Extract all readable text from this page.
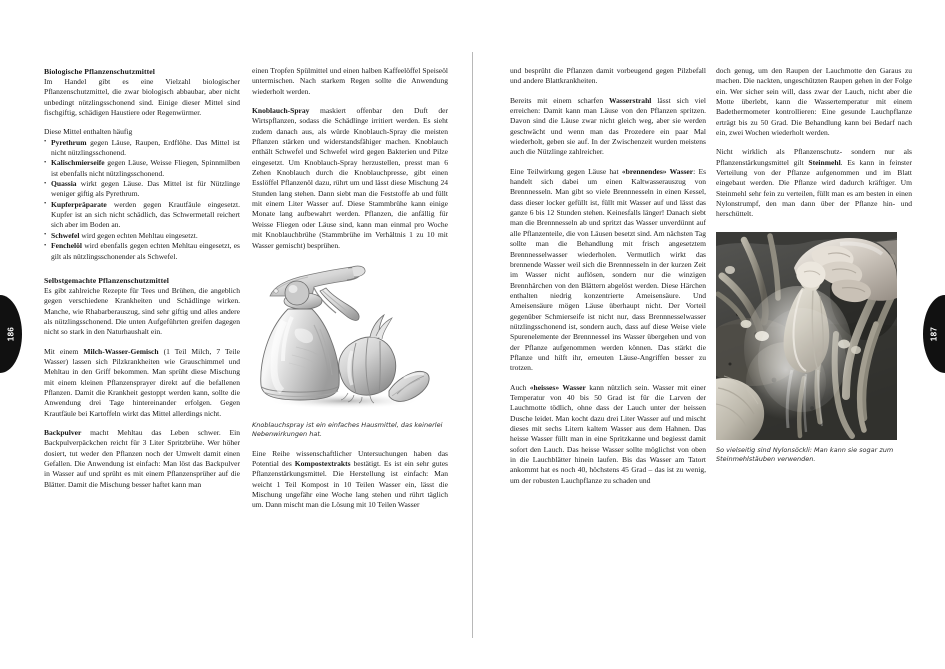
186	187
Biologische Pflanzenschutzmittel

Im Handel gibt es eine Vielzahl biologischer Pflanzenschutzmittel, die zwar biologisch abbaubar, aber nicht unbedingt nützlingsschonend sind. Einige dieser Mittel sind fischgiftig, schädigen Haustiere oder Regenwürmer.

Diese Mittel enthalten häufig

• Pyrethrum gegen Läuse, Raupen, Erdflöhe. Das Mittel ist nicht nützlingsschonend.
• Kalischmierseife gegen Läuse, Weisse Fliegen, Spinnmilben ist ebenfalls nicht nützlingsschonend.
• Quassia wirkt gegen Läuse. Das Mittel ist für Nützlinge weniger giftig als Pyrethrum.
• Kupferpräparate werden gegen Krautfäule eingesetzt. Kupfer ist an sich nicht schädlich, das Schwermetall reichert sich aber im Boden an.
• Schwefel wird gegen echten Mehltau eingesetzt.
• Fenchelöl wird ebenfalls gegen echten Mehltau eingesetzt, es gilt als nützlingsschonender als Schwefel.
Selbstgemachte Pflanzenschutzmittel

Es gibt zahlreiche Rezepte für Tees und Brühen, die angeblich gegen verschiedene Krankheiten und Schädlinge wirken. Manche, wie Rhabarberauszug, sind sehr giftig und alles andere als nützlingsschonend. Die unten Aufgeführten greifen dagegen nicht so stark in den Naturhaushalt ein.

Mit einem Milch-Wasser-Gemisch (1 Teil Milch, 7 Teile Wasser) lassen sich Pilzkrankheiten wie Grauschimmel und Mehltau in den Griff bekommen. Man sprüht diese Mischung mit einem kleinen Pflanzensprayer direkt auf die befallenen Pflanzen. Damit die Krankheit gestoppt werden kann, sollte die Anwendung drei Tage hintereinander erfolgen. Gegen Krautfäule bei Kartoffeln wirkt das Mittel allerdings nicht.

Backpulver macht Mehltau das Leben schwer. Ein Backpulverpäckchen reicht für 3 Liter Spritzbrühe. Wer höher dosiert, tut weder den Pflanzen noch der Umwelt damit einen Gefallen. Die Anwendung ist einfach: Man löst das Backpulver in Wasser auf und sprüht es mit einem Pflanzensprüher auf die Blätter. Damit die Mischung besser haftet kann man

einen Tropfen Spülmittel und einen halben Kaffeelöffel Speiseöl untermischen. Nach starkem Regen sollte die Anwendung wiederholt werden.

Knoblauch-Spray maskiert offenbar den Duft der Wirtspflanzen, sodass die Schädlinge irritiert werden. Es sieht zudem danach aus, als würde Knoblauch-Spray die meisten Pflanzen stärken und widerstandsfähiger machen. Knoblauch enthält Schwefel und Schwefel wird gegen Bakterien und Pilze eingesetzt. Um Knoblauch-Spray herzustellen, presst man 6 Zehen Knoblauch durch die Knoblauchpresse, gibt einen Esslöffel Pflanzenöl dazu, rührt um und lässt diese Mischung 24 Stunden lang stehen. Dann siebt man die Feststoffe ab und füllt mit einem Liter Wasser auf. Diese Stammbrühe kann einige Monate lang aufbewahrt werden. Pflanzen, die anfällig für Weisse Fliegen oder Läuse sind, kann man einmal pro Woche mit Knoblauchbrühe (Stammbrühe im Verhältnis 1 zu 10 mit Wasser gemischt) besprühen.

Knoblauchspray ist ein einfaches Hausmittel, das keinerlei Nebenwirkungen hat.

Eine Reihe wissenschaftlicher Untersuchungen haben das Potential des Kompostextrakts bestätigt. Es ist ein sehr gutes Pflanzenstärkungsmittel. Die Herstellung ist einfach: Man weicht 1 Teil Kompost in 10 Teilen Wasser ein, lässt die Mischung ungefähr eine Woche lang stehen und rührt täglich um. Dann mischt man die Lösung mit 10 Teilen Wasser

und besprüht die Pflanzen damit vorbeugend gegen Pilzbefall und andere Blattkrankheiten.

Bereits mit einem scharfen Wasserstrahl lässt sich viel erreichen: Damit kann man Läuse von den Pflanzen spritzen. Davon sind die Läuse zwar nicht gleich weg, aber sie werden geschwächt und wenn man das Prozedere ein paar Mal wiederholt, geben sie auf. In der Zwischenzeit wurden meistens auch die Nützlinge zahlreicher.

Eine Teilwirkung gegen Läuse hat «brennendes» Wasser: Es handelt sich dabei um einen Kaltwasserauszug von Brennnesseln. Man gibt so viele Brennnesseln in einen Kessel, dass dieser locker gefüllt ist, füllt mit Wasser auf und lässt das ganze 6 bis 12 Stunden stehen. Keinesfalls länger! Danach siebt man die Brennnesseln ab und spritzt das Wasser unverdünnt auf alle Pflanzenteile, die von Läusen besetzt sind. Am nächsten Tag sollte man die Behandlung mit frisch angesetztem Brennnesselwasser wiederholen. Vermutlich wirkt das brennende Wasser weil sich die Brennnesseln in der kurzen Zeit im Wasser nicht auflösen, sondern nur die winzigen Brennhärchen von den Blättern abgelöst werden. Diese Härchen enthalten niedrig konzentrierte Ameisensäure. Und Ameisensäure mögen Läuse überhaupt nicht. Der Vorteil gegenüber Schmierseife ist nicht nur, dass Brennnesselwasser nützlingsschonend ist, sondern auch, dass auf diese Weise viele Spurenelemente der Brennnessel ins Wasser übergehen und von der Pflanze aufgenommen werden können. Das stärkt die Pflanze und hilft ihr, erneuten Läuse-Angriffen besser zu trotzen.

Auch «heisses» Wasser kann nützlich sein. Wasser mit einer Temperatur von 40 bis 50 Grad ist für die Larven der Lauchmotte tödlich, ohne dass der Lauch unter der heissen Dusche leidet. Man kocht dazu drei Liter Wasser auf und mischt dieses mit sechs Litern kaltem Wasser aus dem Hahnen. Das heisse Wasser füllt man in eine Spritzkanne und begiesst damit sofort den Lauch. Das heisse Wasser sollte möglichst von oben in die Lauchblätter hinein laufen. Bis das Wasser am Tatort ankommt hat es noch 40, höchstens 45 Grad – das ist zu wenig, um der robusten Lauchpflanze zu schaden und

doch genug, um den Raupen der Lauchmotte den Garaus zu machen. Die nackten, ungeschützten Raupen gehen in der Folge ein. Wer sicher sein will, dass zwar der Lauch, nicht aber die Motte überlebt, kann die Wassertemperatur mit einem Badethermometer kontrollieren: Eine gesunde Lauchpflanze erträgt bis zu 50 Grad. Die Behandlung kann bei Bedarf nach ein, zwei Wochen wiederholt werden.

Nicht wirklich als Pflanzenschutz- sondern nur als Pflanzenstärkungsmittel gilt Steinmehl. Es kann in feinster Verteilung von der Pflanze aufgenommen und im Blatt eingebaut werden. Die Pflanze wird dadurch kräftiger. Um Steinmehl sehr fein zu verteilen, füllt man es am besten in einen Nylonstrumpf, den man dann über der Pflanze hin- und herschüttelt.

So vielseitig sind Nylonsöckli: Man kann sie sogar zum Steinmehlstäuben verwenden.
